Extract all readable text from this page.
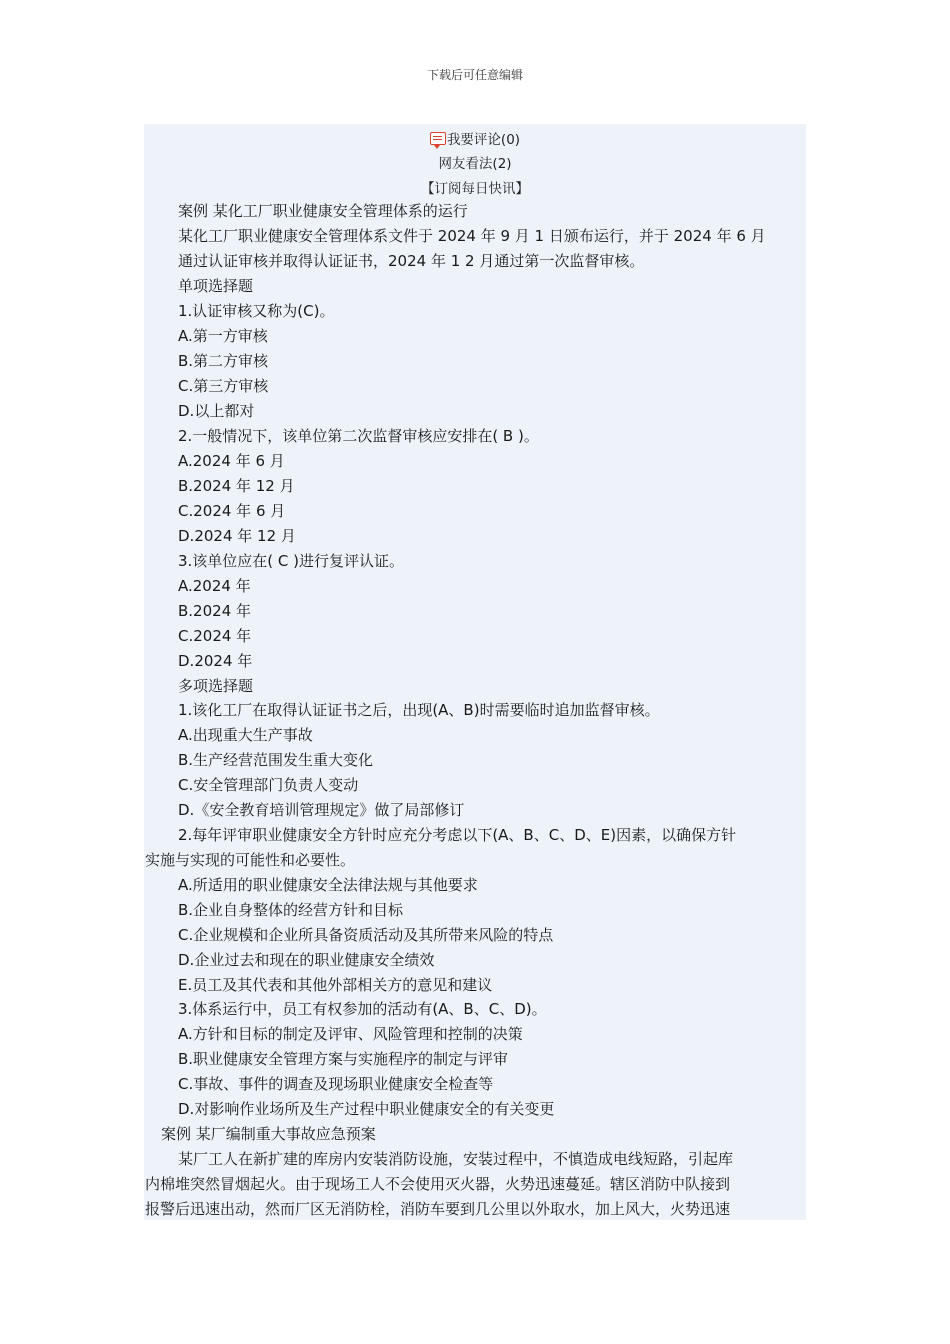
下载后可任意编辑
我要评论(0)
网友看法(2)
【订阅每日快讯】
案例 某化工厂职业健康安全管理体系的运行
某化工厂职业健康安全管理体系文件于 2024 年 9 月 1 日颁布运行，并于 2024 年 6 月
通过认证审核并取得认证证书，2024 年 1 2 月通过第一次监督审核。
单项选择题
1.认证审核又称为(C)。
A.第一方审核
B.第二方审核
C.第三方审核
D.以上都对
2.一般情况下，该单位第二次监督审核应安排在( B )。
A.2024 年 6 月
B.2024 年 12 月
C.2024 年 6 月
D.2024 年 12 月
3.该单位应在( C )进行复评认证。
A.2024 年
B.2024 年
C.2024 年
D.2024 年
多项选择题
1.该化工厂在取得认证证书之后，出现(A、B)时需要临时追加监督审核。
A.出现重大生产事故
B.生产经营范围发生重大变化
C.安全管理部门负责人变动
D.《安全教育培训管理规定》做了局部修订
2.每年评审职业健康安全方针时应充分考虑以下(A、B、C、D、E)因素，以确保方针
实施与实现的可能性和必要性。
A.所适用的职业健康安全法律法规与其他要求
B.企业自身整体的经营方针和目标
C.企业规模和企业所具备资质活动及其所带来风险的特点
D.企业过去和现在的职业健康安全绩效
E.员工及其代表和其他外部相关方的意见和建议
3.体系运行中，员工有权参加的活动有(A、B、C、D)。
A.方针和目标的制定及评审、风险管理和控制的决策
B.职业健康安全管理方案与实施程序的制定与评审
C.事故、事件的调查及现场职业健康安全检查等
D.对影响作业场所及生产过程中职业健康安全的有关变更
案例 某厂编制重大事故应急预案
某厂工人在新扩建的库房内安装消防设施，安装过程中，不慎造成电线短路，引起库
内棉堆突然冒烟起火。由于现场工人不会使用灭火器，火势迅速蔓延。辖区消防中队接到
报警后迅速出动，然而厂区无消防栓，消防车要到几公里以外取水，加上风大，火势迅速
